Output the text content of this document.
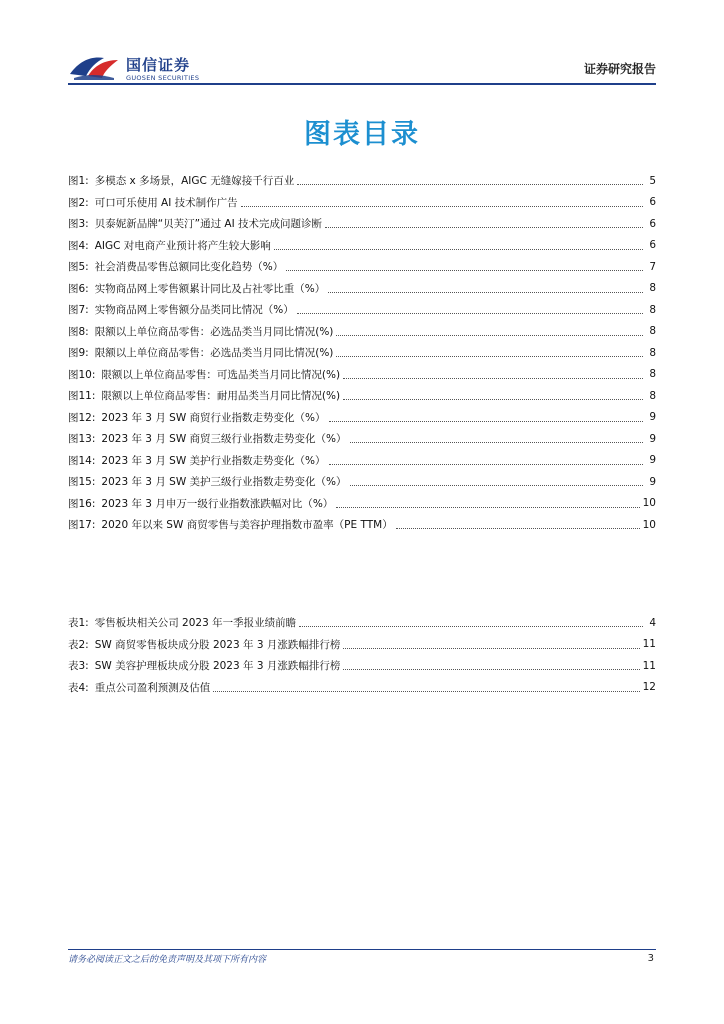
国信证券
GUOSEN SECURITIES
证券研究报告
图表目录
图1: 多模态 x 多场景，AIGC 无缝嫁接千行百业	5
图2: 可口可乐使用 AI 技术制作广告	6
图3: 贝泰妮新品牌“贝芙汀”通过 AI 技术完成问题诊断	6
图4: AIGC 对电商产业预计将产生较大影响	6
图5: 社会消费品零售总额同比变化趋势（%）	7
图6: 实物商品网上零售额累计同比及占社零比重（%）	8
图7: 实物商品网上零售额分品类同比情况（%）	8
图8: 限额以上单位商品零售：必选品类当月同比情况(%)	8
图9: 限额以上单位商品零售：必选品类当月同比情况(%)	8
图10: 限额以上单位商品零售：可选品类当月同比情况(%)	8
图11: 限额以上单位商品零售：耐用品类当月同比情况(%)	8
图12: 2023 年 3 月 SW 商贸行业指数走势变化（%）	9
图13: 2023 年 3 月 SW 商贸三级行业指数走势变化（%）	9
图14: 2023 年 3 月 SW 美护行业指数走势变化（%）	9
图15: 2023 年 3 月 SW 美护三级行业指数走势变化（%）	9
图16: 2023 年 3 月申万一级行业指数涨跌幅对比（%）	10
图17: 2020 年以来 SW 商贸零售与美容护理指数市盈率（PE TTM）	10
表1: 零售板块相关公司 2023 年一季报业绩前瞻	4
表2: SW 商贸零售板块成分股 2023 年 3 月涨跌幅排行榜	11
表3: SW 美容护理板块成分股 2023 年 3 月涨跌幅排行榜	11
表4: 重点公司盈利预测及估值	12
请务必阅读正文之后的免责声明及其项下所有内容	3
